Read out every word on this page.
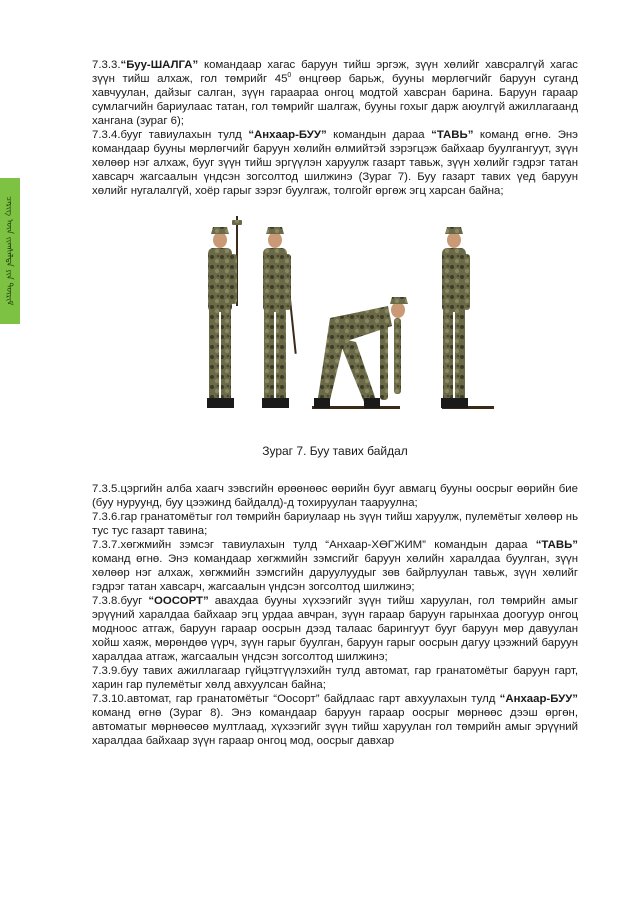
ᠴᠡᠷᠢᠭ ᠦᠨ ᠵᠢᠭᠰᠠᠯᠲᠠ ᠶᠢᠨ ᠳᠦᠷᠢᠮ

7.3.3.“Буу-ШАЛГА” командаар хагас баруун тийш эргэж, зүүн хөлийг хавсралгүй хагас зүүн тийш алхаж, гол төмрийг $45^0$ өнцгөөр барьж, бууны мөрлөгчийг баруун суганд хавчуулан, дайзыг салган, зүүн гараараа онгоц модтой хавсран барина. Баруун гараар сумлагчийн бариулаас татан, гол төмрийг шалгаж, бууны гохыг дарж аюулгүй ажиллагаанд хангана (зураг 6);

7.3.4.бууг тавиулахын тулд “Анхаар-БУУ” командын дараа “ТАВЬ” команд өгнө. Энэ командаар бууны мөрлөгчийг баруун хөлийн өлмийтэй зэрэгцэж байхаар буулгангуут, зүүн хөлөөр нэг алхаж, бууг зүүн тийш эргүүлэн харуулж газарт тавьж, зүүн хөлийг гэдрэг татан хавсарч жагсаалын үндсэн зогсолтод шилжинэ (Зураг 7). Буу газарт тавих үед баруун хөлийг нугалалгүй, хоёр гарыг зэрэг буулгаж, толгойг өргөж эгц харсан байна;

Зураг 7. Буу тавих байдал

7.3.5.цэргийн алба хаагч зэвсгийн өрөөнөөс өөрийн бууг авмагц бууны оосрыг өөрийн бие (буу нуруунд, буу цээжинд байдалд)-д тохируулан тааруулна;

7.3.6.гар гранатомётыг гол төмрийн бариулаар нь зүүн тийш харуулж, пулемётыг хөлөөр нь тус тус газарт тавина;

7.3.7.хөгжмийн зэмсэг тавиулахын тулд “Анхаар-ХӨГЖИМ” командын дараа “ТАВЬ” команд өгнө. Энэ командаар хөгжмийн зэмсгийг баруун хөлийн харалдаа буулган, зүүн хөлөөр нэг алхаж, хөгжмийн зэмсгийн даруулуудыг зөв байрлуулан тавьж, зүүн хөлийг гэдрэг татан хавсарч, жагсаалын үндсэн зогсолтод шилжинэ;

7.3.8.бууг “ООСОРТ” авахдаа бууны хүхээгийг зүүн тийш харуулан, гол төмрийн амыг эрүүний харалдаа байхаар эгц урдаа авчран, зүүн гараар баруун гарынхаа доогуур онгоц модноос атгаж, баруун гараар оосрын дээд талаас барингуут бууг баруун мөр давуулан хойш хаяж, мөрөндөө үүрч, зүүн гарыг буулган, баруун гарыг оосрын дагуу цээжний баруун харалдаа атгаж, жагсаалын үндсэн зогсолтод шилжинэ;

7.3.9.буу тавих ажиллагаар гүйцэтгүүлэхийн тулд автомат, гар гранатомётыг баруун гарт, харин гар пулемётыг хөлд авхуулсан байна;

7.3.10.автомат, гар гранатомётыг “Оосорт” байдлаас гарт авхуулахын тулд “Анхаар-БУУ” команд өгнө (Зураг 8). Энэ командаар баруун гараар оосрыг мөрнөөс дээш өргөн, автоматыг мөрнөөсөө мултлаад, хүхээгийг зүүн тийш харуулан гол төмрийн амыг эрүүний харалдаа байхаар зүүн гараар онгоц мод, оосрыг давхар
